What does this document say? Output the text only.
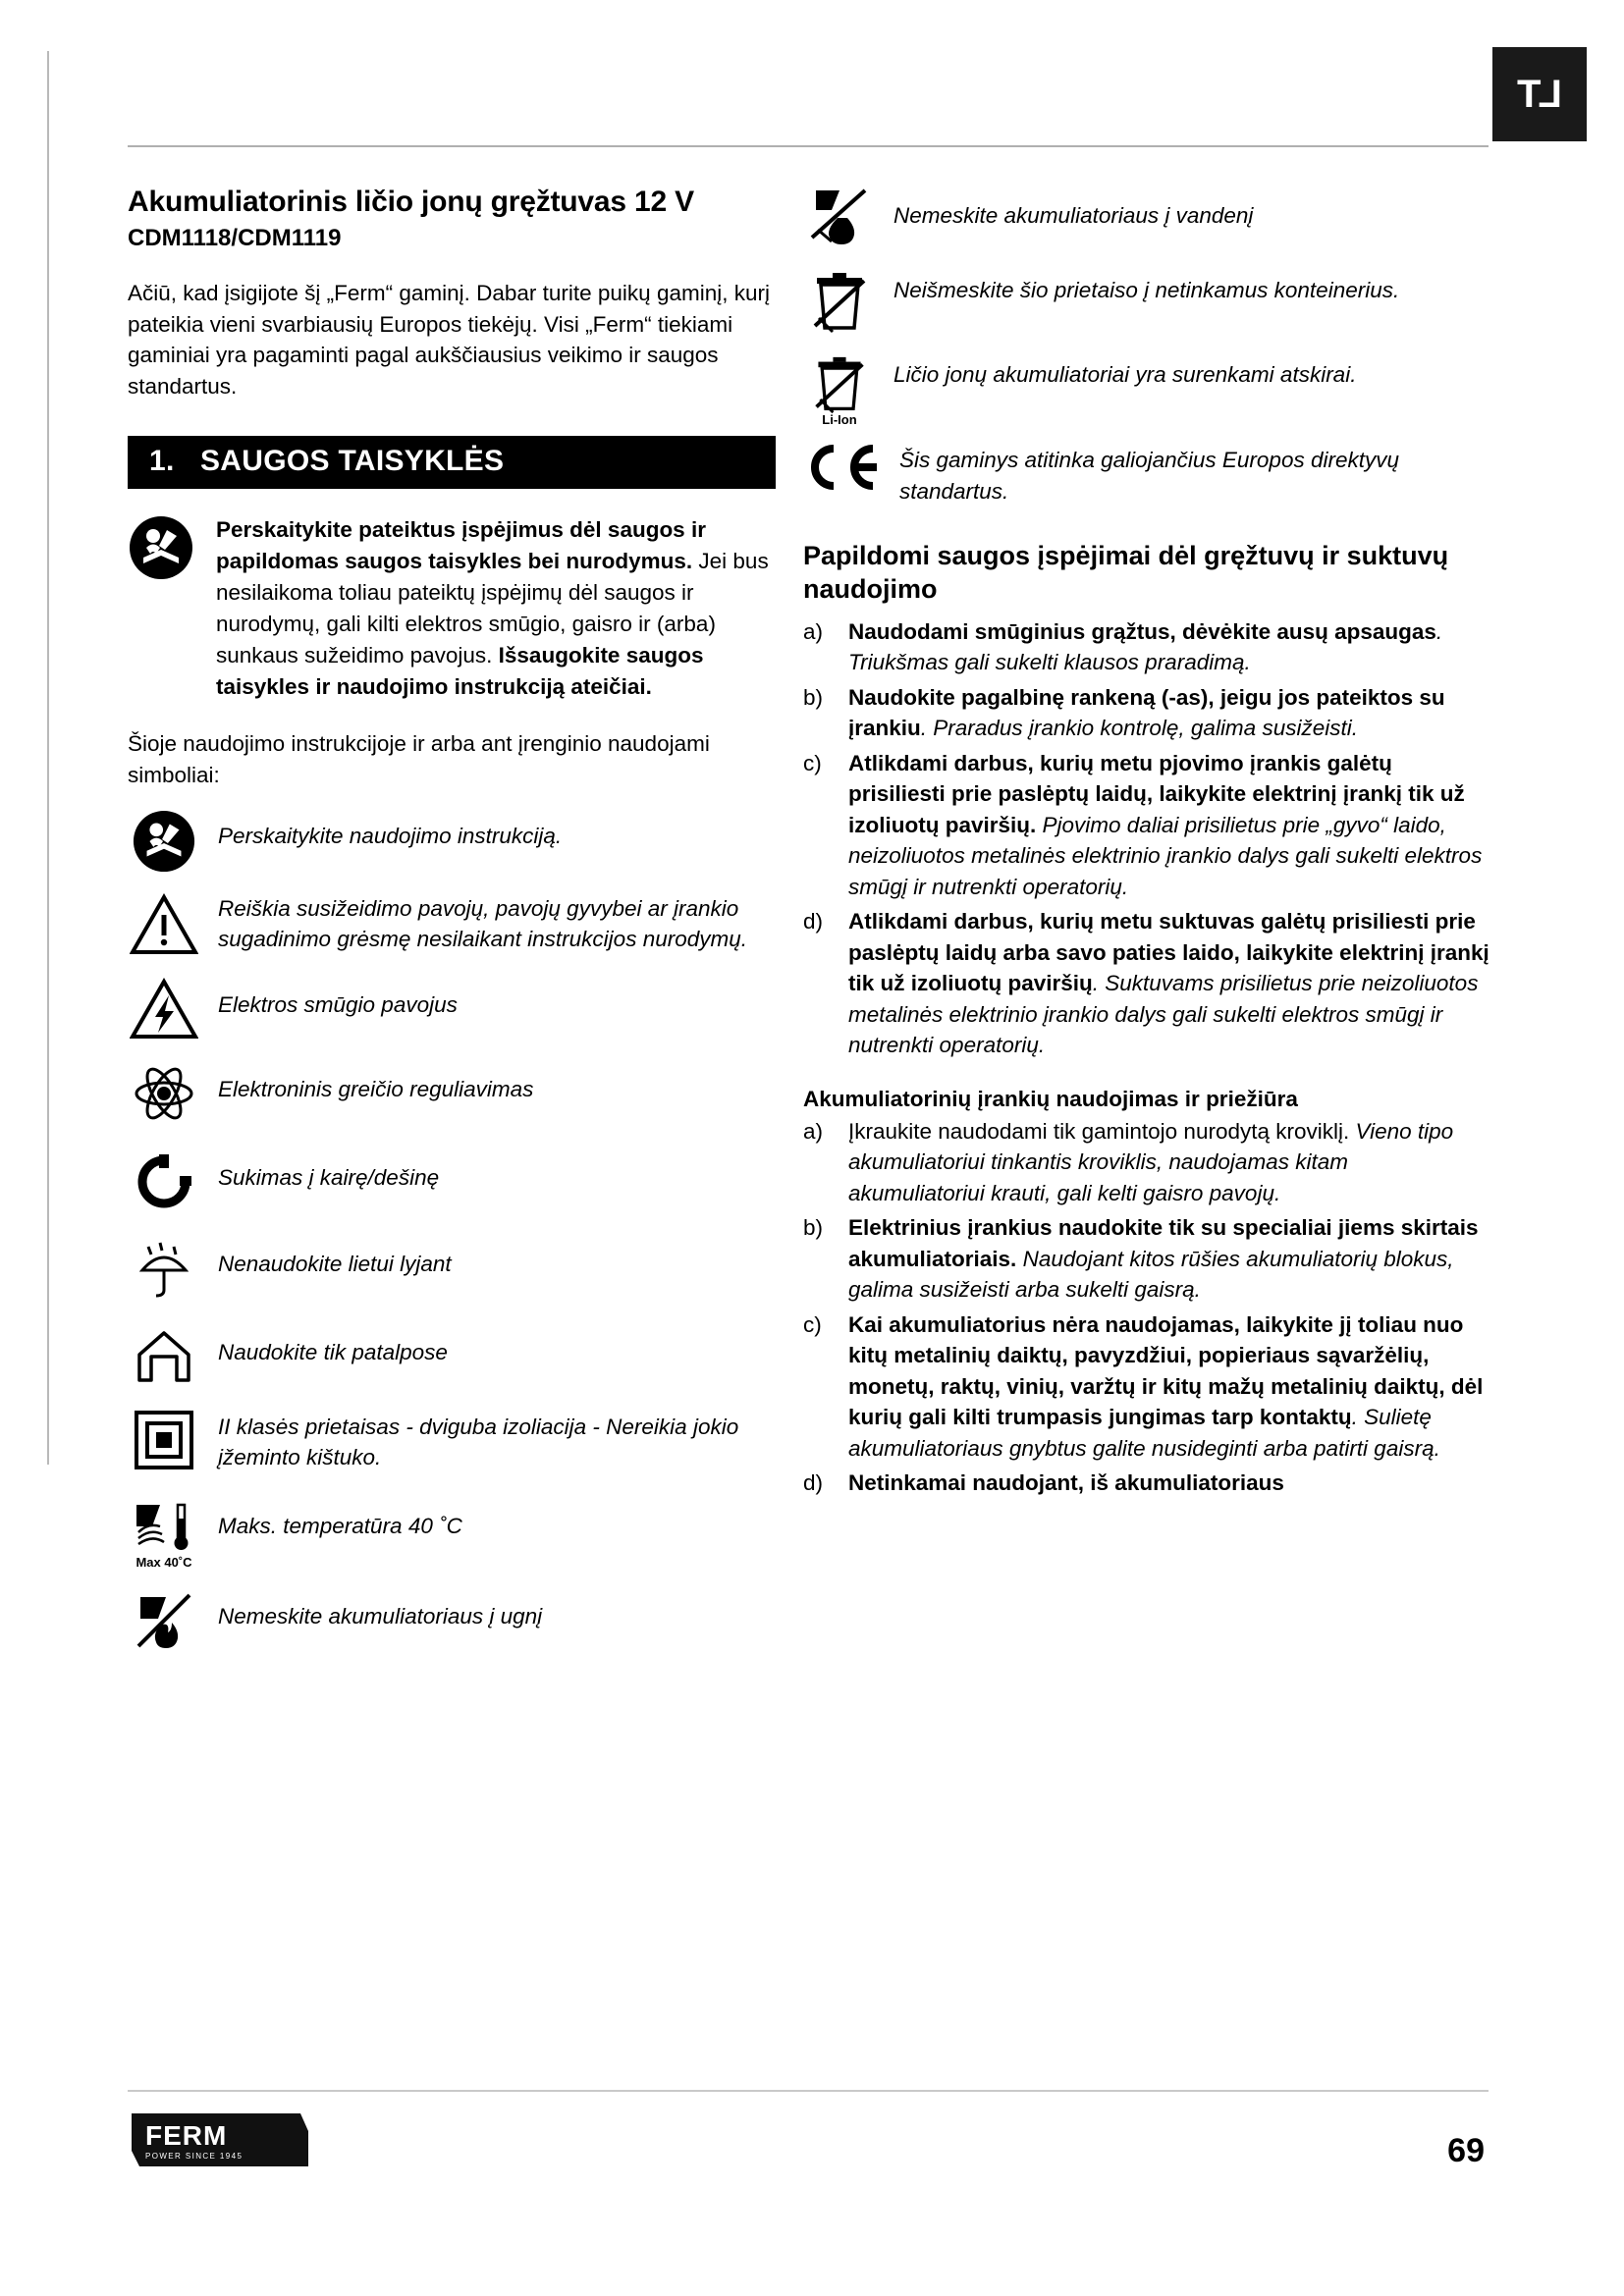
LT
Akumuliatorinis ličio jonų gręžtuvas 12 V
CDM1118/CDM1119

Ačiū, kad įsigijote šį „Ferm“ gaminį. Dabar turite puikų gaminį, kurį pateikia vieni svarbiausių Europos tiekėjų. Visi „Ferm“ tiekiami gaminiai yra pagaminti pagal aukščiausius veikimo ir saugos standartus.

1. SAUGOS TAISYKLĖS
Perskaitykite pateiktus įspėjimus dėl saugos ir papildomas saugos taisykles bei nurodymus. Jei bus nesilaikoma toliau pateiktų įspėjimų dėl saugos ir nurodymų, gali kilti elektros smūgio, gaisro ir (arba) sunkaus sužeidimo pavojus. Išsaugokite saugos taisykles ir naudojimo instrukciją ateičiai.

Šioje naudojimo instrukcijoje ir arba ant įrenginio naudojami simboliai:

Perskaitykite naudojimo instrukciją.
Reiškia susižeidimo pavojų, pavojų gyvybei ar įrankio sugadinimo grėsmę nesilaikant instrukcijos nurodymų.
Elektros smūgio pavojus
Elektroninis greičio reguliavimas
Sukimas į kairę/dešinę
Nenaudokite lietui lyjant
Naudokite tik patalpose
II klasės prietaisas - dviguba izoliacija - Nereikia jokio įžeminto kištuko.
Max 40˚C
Maks. temperatūra 40 ˚C
Nemeskite akumuliatoriaus į ugnį
Nemeskite akumuliatoriaus į vandenį
Neišmeskite šio prietaiso į netinkamus konteinerius.
Li-Ion
Ličio jonų akumuliatoriai yra surenkami atskirai.
Šis gaminys atitinka galiojančius Europos direktyvų standartus.
Papildomi saugos įspėjimai dėl gręžtuvų ir suktuvų naudojimo
a)	Naudodami smūginius grąžtus, dėvėkite ausų apsaugas. Triukšmas gali sukelti klausos praradimą.
b)	Naudokite pagalbinę rankeną (-as), jeigu jos pateiktos su įrankiu. Praradus įrankio kontrolę, galima susižeisti.
c)	Atlikdami darbus, kurių metu pjovimo įrankis galėtų prisiliesti prie paslėptų laidų, laikykite elektrinį įrankį tik už izoliuotų paviršių. Pjovimo daliai prisilietus prie „gyvo“ laido, neizoliuotos metalinės elektrinio įrankio dalys gali sukelti elektros smūgį ir nutrenkti operatorių.
d)	Atlikdami darbus, kurių metu suktuvas galėtų prisiliesti prie paslėptų laidų arba savo paties laido, laikykite elektrinį įrankį tik už izoliuotų paviršių. Suktuvams prisilietus prie neizoliuotos metalinės elektrinio įrankio dalys gali sukelti elektros smūgį ir nutrenkti operatorių.
Akumuliatorinių įrankių naudojimas ir priežiūra
a)	Įkraukite naudodami tik gamintojo nurodytą kroviklį. Vieno tipo akumuliatoriui tinkantis kroviklis, naudojamas kitam akumuliatoriui krauti, gali kelti gaisro pavojų.
b)	Elektrinius įrankius naudokite tik su specialiai jiems skirtais akumuliatoriais. Naudojant kitos rūšies akumuliatorių blokus, galima susižeisti arba sukelti gaisrą.
c)	Kai akumuliatorius nėra naudojamas, laikykite jį toliau nuo kitų metalinių daiktų, pavyzdžiui, popieriaus sąvaržėlių, monetų, raktų, vinių, varžtų ir kitų mažų metalinių daiktų, dėl kurių gali kilti trumpasis jungimas tarp kontaktų. Sulietę akumuliatoriaus gnybtus galite nusideginti arba patirti gaisrą.
d)	Netinkamai naudojant, iš akumuliatoriaus
FERM
POWER SINCE 1945	69
